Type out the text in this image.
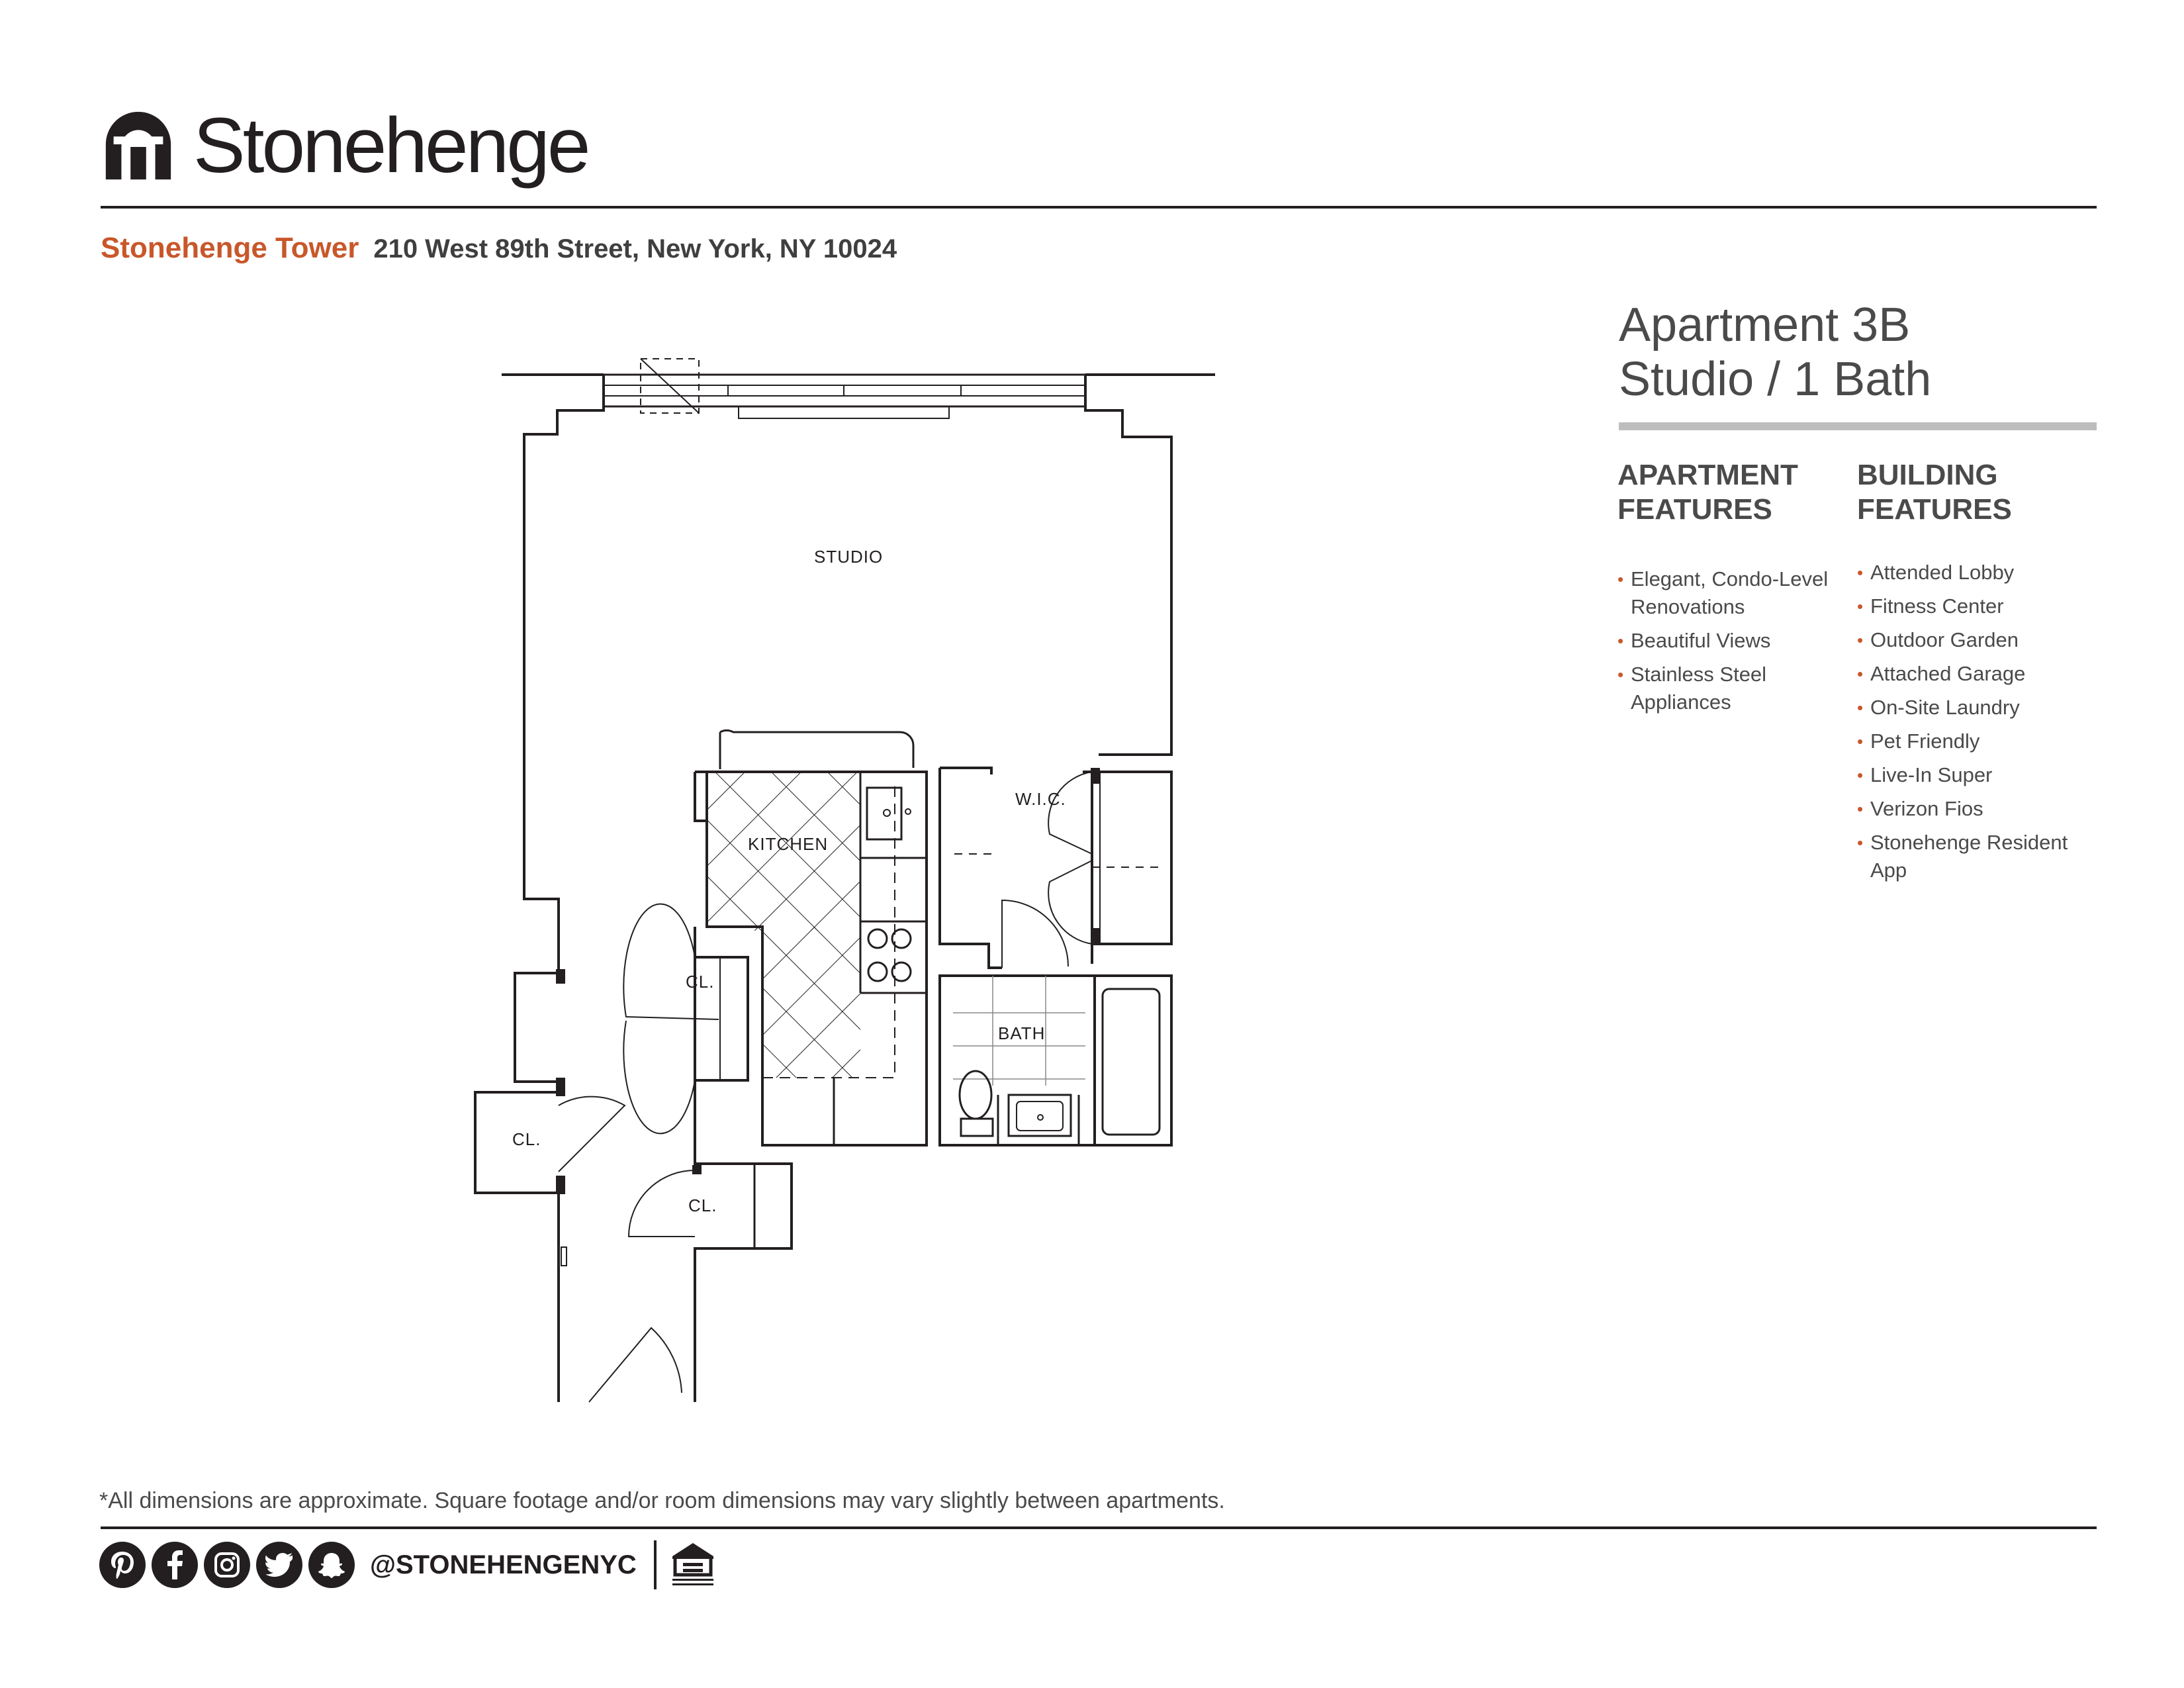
Stonehenge
Stonehenge Tower 210 West 89th Street, New York, NY 10024
Apartment 3B
Studio / 1 Bath
APARTMENT
FEATURES
• Elegant, Condo-Level Renovations
• Beautiful Views
• Stainless Steel Appliances
BUILDING
FEATURES
• Attended Lobby
• Fitness Center
• Outdoor Garden
• Attached Garage
• On-Site Laundry
• Pet Friendly
• Live-In Super
• Verizon Fios
• Stonehenge Resident App
STUDIO
KITCHEN
W.I.C.
BATH
CL.
CL.
CL.
*All dimensions are approximate. Square footage and/or room dimensions may vary slightly between apartments.
@STONEHENGENYC
